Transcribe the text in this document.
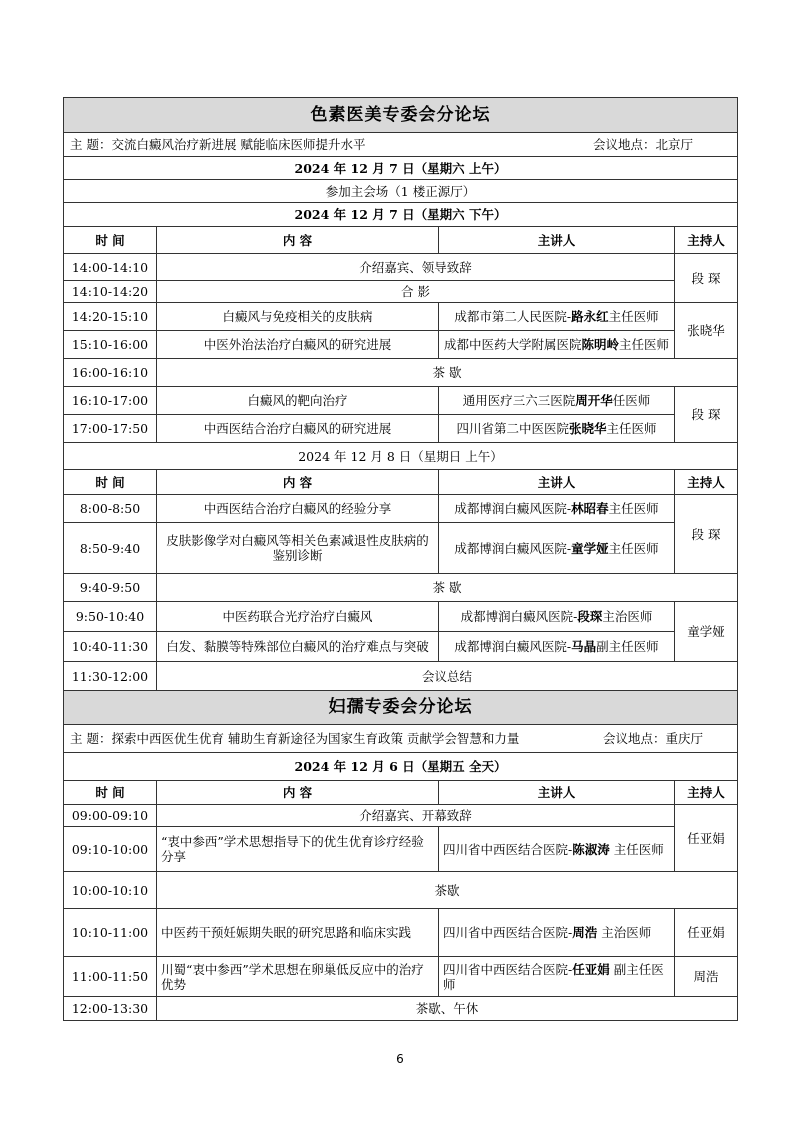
色素医美专委会分论坛			
主 题：交流白癜风治疗新进展 赋能临床医师提升水平 会议地点：北京厅			

2024 年 12 月 7 日（星期六 上午）			
参加主会场（1 楼正源厅）			
2024 年 12 月 7 日（星期六 下午）			
时 间	内 容	主讲人	主持人
14:00-14:10	介绍嘉宾、领导致辞		段 琛
14:10-14:20	合 影		
14:20-15:10	白癜风与免疫相关的皮肤病	成都市第二人民医院-路永红主任医师	张晓华
15:10-16:00	中医外治法治疗白癜风的研究进展	成都中医药大学附属医院陈明岭主任医师	
16:00-16:10	茶 歇		
16:10-17:00	白癜风的靶向治疗	通用医疗三六三医院周开华任医师	段 琛
17:00-17:50	中西医结合治疗白癜风的研究进展	四川省第二中医医院张晓华主任医师	
2024 年 12 月 8 日（星期日 上午）			
时 间	内 容	主讲人	主持人
8:00-8:50	中西医结合治疗白癜风的经验分享	成都博润白癜风医院-林昭春主任医师	段 琛
8:50-9:40	皮肤影像学对白癜风等相关色素减退性皮肤病的鉴别诊断	成都博润白癜风医院-童学娅主任医师	
9:40-9:50	茶 歇		
9:50-10:40	中医药联合光疗治疗白癜风	成都博润白癜风医院-段琛主治医师	童学娅
10:40-11:30	白发、黏膜等特殊部位白癜风的治疗难点与突破	成都博润白癜风医院-马晶副主任医师	
11:30-12:00	会议总结		
妇孺专委会分论坛			
主 题：探索中西医优生优育 辅助生育新途径为国家生育政策 贡献学会智慧和力量 会议地点：重庆厅			

2024 年 12 月 6 日（星期五 全天）			
时 间	内 容	主讲人	主持人
09:00-09:10	介绍嘉宾、开幕致辞		任亚娟
09:10-10:00	“衷中参西”学术思想指导下的优生优育诊疗经验分享	四川省中西医结合医院-陈淑涛 主任医师	
10:00-10:10	茶歇		
10:10-11:00	中医药干预妊娠期失眠的研究思路和临床实践	四川省中西医结合医院-周浩 主治医师	任亚娟
11:00-11:50	川蜀“衷中参西”学术思想在卵巢低反应中的治疗优势	四川省中西医结合医院-任亚娟 副主任医师	周浩
12:00-13:30	茶歇、午休		
6
